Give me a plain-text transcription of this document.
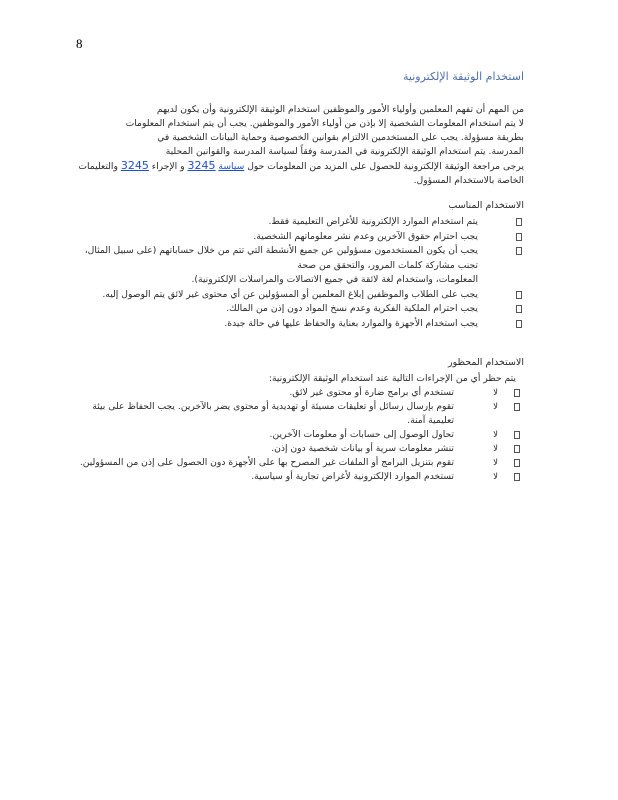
8
استخدام الوثيقة الإلكترونية

من المهم أن تفهم المعلمين وأولياء الأمور والموظفين استخدام الوثيقة الإلكترونية وأن يكون لديهم

لا يتم استخدام المعلومات الشخصية إلا بإذن من أولياء الأمور والموظفين. يجب أن يتم استخدام المعلومات

بطريقة مسؤولة. يجب على المستخدمين الالتزام بقوانين الخصوصية وحماية البيانات الشخصية في

المدرسة. يتم استخدام الوثيقة الإلكترونية في المدرسة وفقاً لسياسة المدرسة والقوانين المحلية

يرجى مراجعة الوثيقة الإلكترونية للحصول على المزيد من المعلومات حول سياسة 3245 و الإجراء 3245 والتعليمات الخاصة بالاستخدام المسؤول.

الاستخدام المناسب
يتم استخدام الموارد الإلكترونية للأغراض التعليمية فقط.
يجب احترام حقوق الآخرين وعدم نشر معلوماتهم الشخصية.
يجب أن يكون المستخدمون مسؤولين عن جميع الأنشطة التي تتم من خلال حساباتهم (على سبيل المثال، تجنب مشاركة كلمات المرور، والتحقق من صحة
المعلومات، واستخدام لغة لائقة في جميع الاتصالات والمراسلات الإلكترونية).
يجب على الطلاب والموظفين إبلاغ المعلمين أو المسؤولين عن أي محتوى غير لائق يتم الوصول إليه.
يجب احترام الملكية الفكرية وعدم نسخ المواد دون إذن من المالك.
يجب استخدام الأجهزة والموارد بعناية والحفاظ عليها في حالة جيدة.
الاستخدام المحظور
يتم حظر أي من الإجراءات التالية عند استخدام الوثيقة الإلكترونية:
لا
تستخدم أي برامج ضارة أو محتوى غير لائق.
لا
تقوم بإرسال رسائل أو تعليقات مسيئة أو تهديدية أو محتوى يضر بالآخرين. يجب الحفاظ على بيئة تعليمية آمنة.
لا
تحاول الوصول إلى حسابات أو معلومات الآخرين.
لا
تنشر معلومات سرية أو بيانات شخصية دون إذن.
لا
تقوم بتنزيل البرامج أو الملفات غير المصرح بها على الأجهزة دون الحصول على إذن من المسؤولين.
لا
تستخدم الموارد الإلكترونية لأغراض تجارية أو سياسية.
